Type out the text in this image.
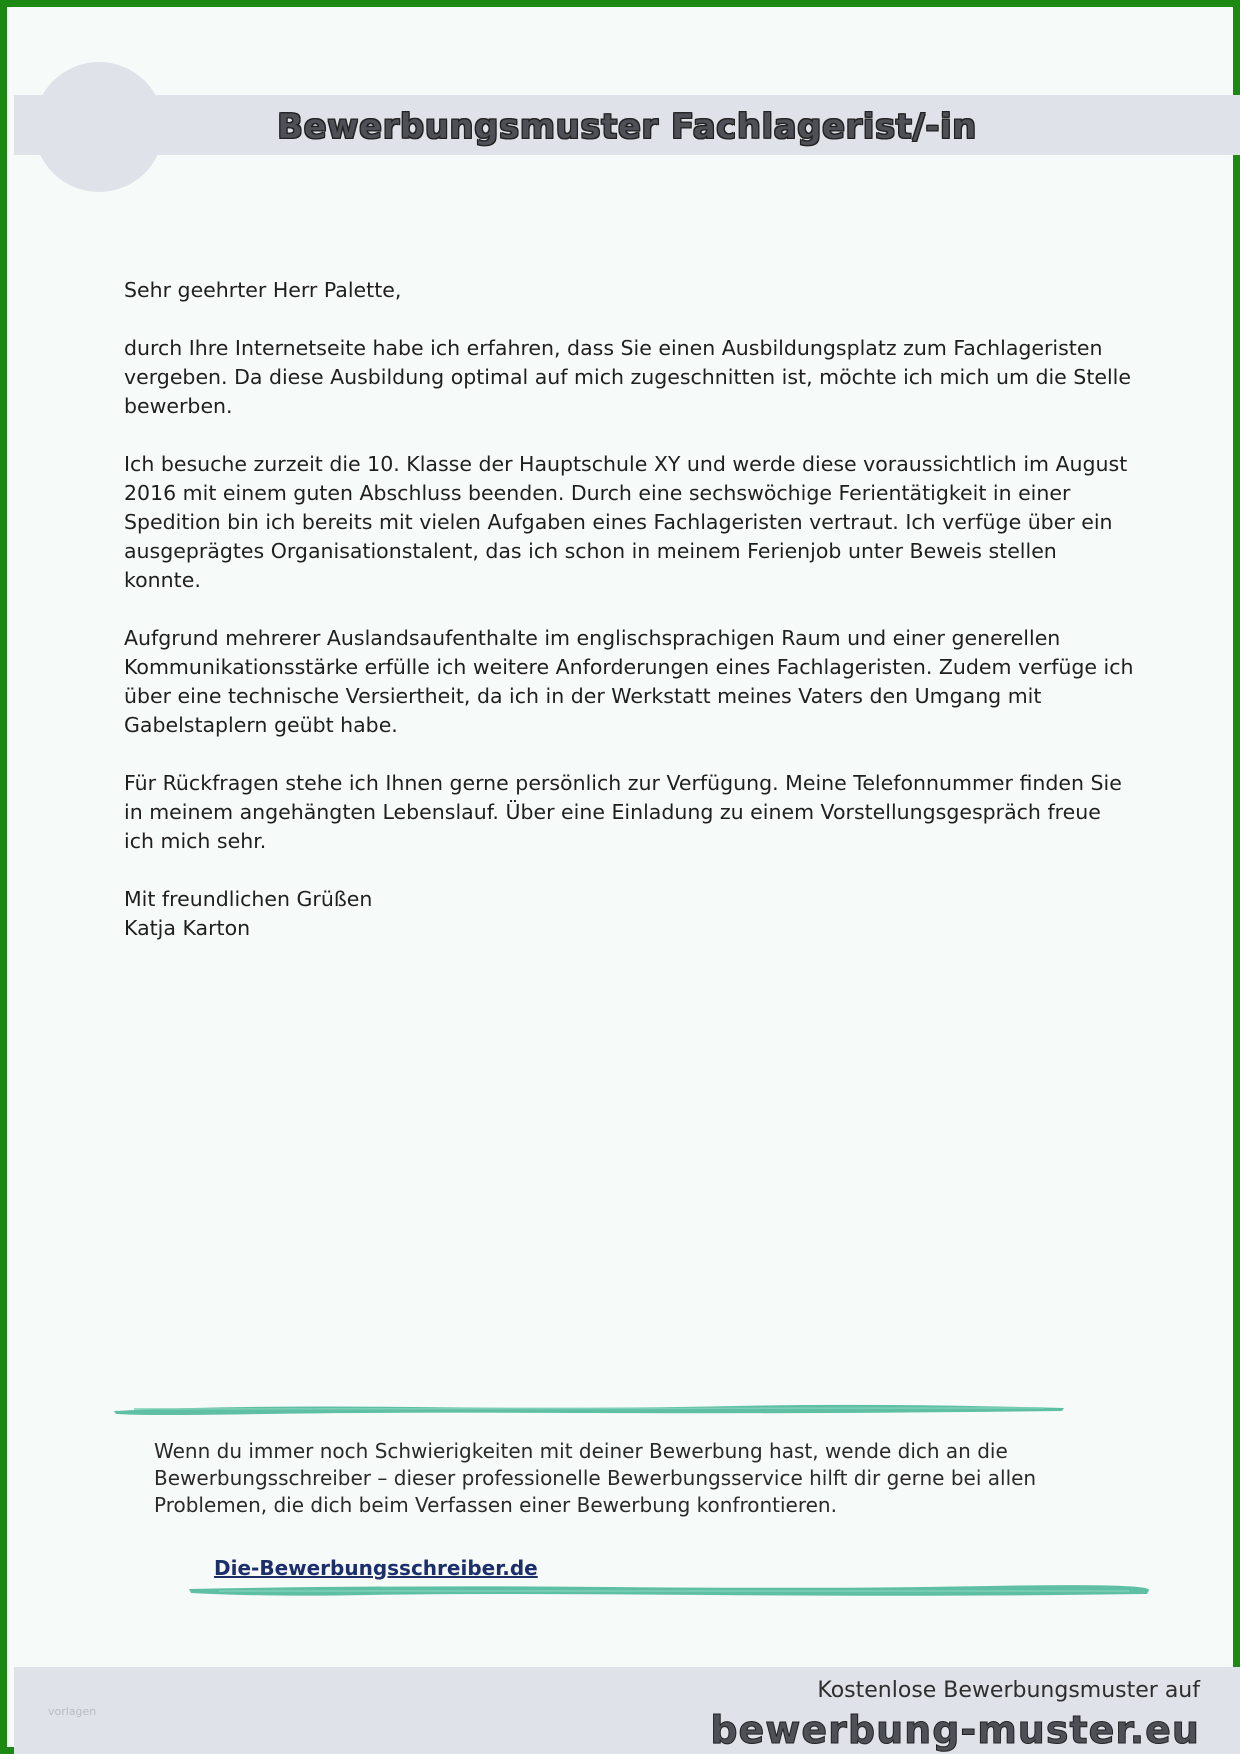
Bewerbungsmuster Fachlagerist/-in

Sehr geehrter Herr Palette,

durch Ihre Internetseite habe ich erfahren, dass Sie einen Ausbildungsplatz zum Fachlageristen vergeben. Da diese Ausbildung optimal auf mich zugeschnitten ist, möchte ich mich um die Stelle bewerben.

Ich besuche zurzeit die 10. Klasse der Hauptschule XY und werde diese voraussichtlich im August 2016 mit einem guten Abschluss beenden. Durch eine sechswöchige Ferientätigkeit in einer Spedition bin ich bereits mit vielen Aufgaben eines Fachlageristen vertraut. Ich verfüge über ein ausgeprägtes Organisationstalent, das ich schon in meinem Ferienjob unter Beweis stellen konnte.

Aufgrund mehrerer Auslandsaufenthalte im englischsprachigen Raum und einer generellen Kommunikationsstärke erfülle ich weitere Anforderungen eines Fachlageristen. Zudem verfüge ich über eine technische Versiertheit, da ich in der Werkstatt meines Vaters den Umgang mit Gabelstaplern geübt habe.

Für Rückfragen stehe ich Ihnen gerne persönlich zur Verfügung. Meine Telefonnummer finden Sie in meinem angehängten Lebenslauf. Über eine Einladung zu einem Vorstellungsgespräch freue ich mich sehr.

Mit freundlichen Grüßen

Katja Karton

Wenn du immer noch Schwierigkeiten mit deiner Bewerbung hast, wende dich an die Bewerbungsschreiber – dieser professionelle Bewerbungsservice hilft dir gerne bei allen Problemen, die dich beim Verfassen einer Bewerbung konfrontieren.
Die-Bewerbungsschreiber.de
vorlagen
Kostenlose Bewerbungsmuster auf
bewerbung-muster.eu
